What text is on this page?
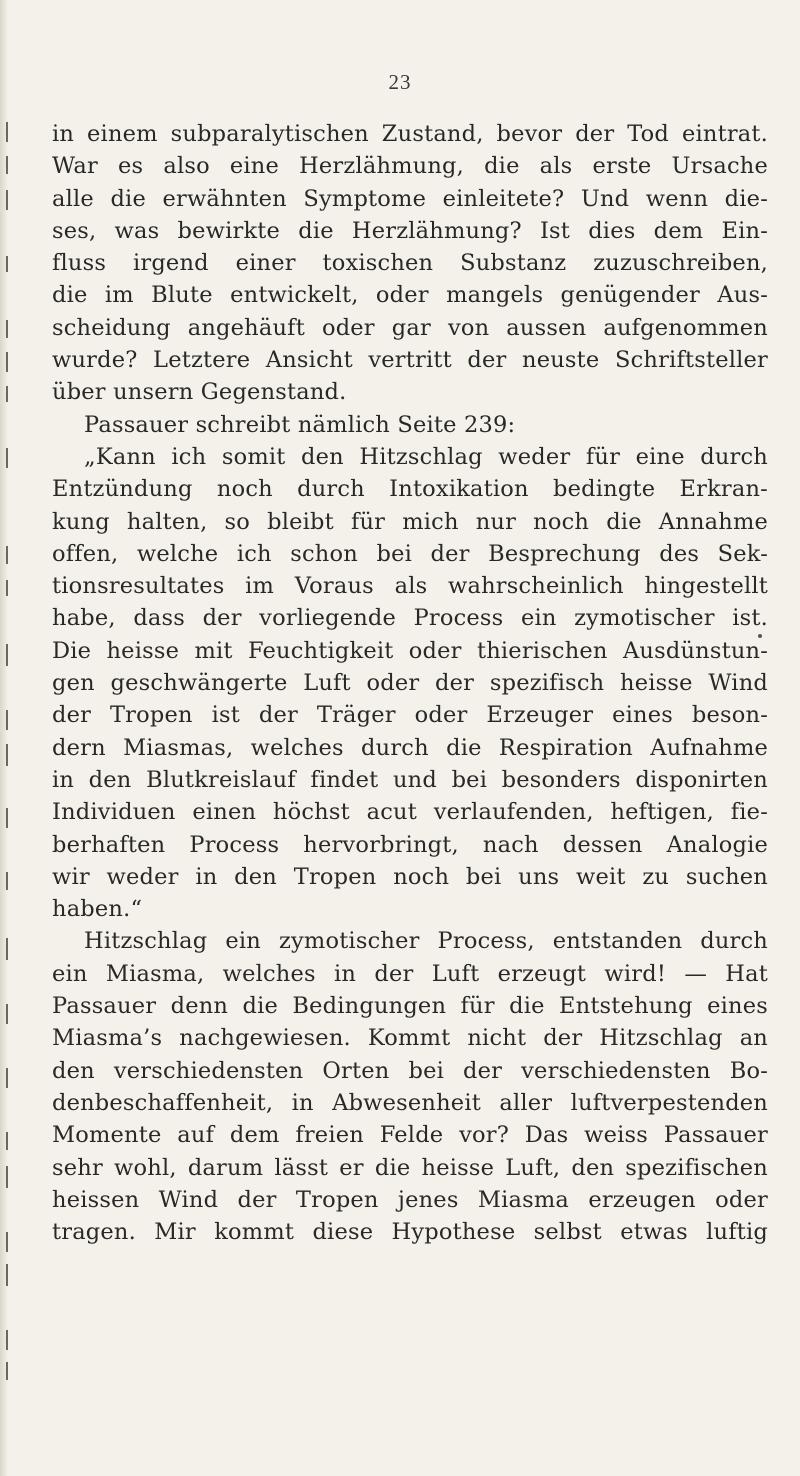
23
in einem subparalytischen Zustand, bevor der Tod eintrat.
War es also eine Herzlähmung, die als erste Ursache
alle die erwähnten Symptome einleitete? Und wenn die-
ses, was bewirkte die Herzlähmung? Ist dies dem Ein-
fluss irgend einer toxischen Substanz zuzuschreiben,
die im Blute entwickelt, oder mangels genügender Aus-
scheidung angehäuft oder gar von aussen aufgenommen
wurde? Letztere Ansicht vertritt der neuste Schriftsteller
über unsern Gegenstand.
Passauer schreibt nämlich Seite 239:
„Kann ich somit den Hitzschlag weder für eine durch
Entzündung noch durch Intoxikation bedingte Erkran-
kung halten, so bleibt für mich nur noch die Annahme
offen, welche ich schon bei der Besprechung des Sek-
tionsresultates im Voraus als wahrscheinlich hingestellt
habe, dass der vorliegende Process ein zymotischer ist.
Die heisse mit Feuchtigkeit oder thierischen Ausdünstun-
gen geschwängerte Luft oder der spezifisch heisse Wind
der Tropen ist der Träger oder Erzeuger eines beson-
dern Miasmas, welches durch die Respiration Aufnahme
in den Blutkreislauf findet und bei besonders disponirten
Individuen einen höchst acut verlaufenden, heftigen, fie-
berhaften Process hervorbringt, nach dessen Analogie
wir weder in den Tropen noch bei uns weit zu suchen
haben.“
Hitzschlag ein zymotischer Process, entstanden durch
ein Miasma, welches in der Luft erzeugt wird! — Hat
Passauer denn die Bedingungen für die Entstehung eines
Miasma’s nachgewiesen. Kommt nicht der Hitzschlag an
den verschiedensten Orten bei der verschiedensten Bo-
denbeschaffenheit, in Abwesenheit aller luftverpestenden
Momente auf dem freien Felde vor? Das weiss Passauer
sehr wohl, darum lässt er die heisse Luft, den spezifischen
heissen Wind der Tropen jenes Miasma erzeugen oder
tragen. Mir kommt diese Hypothese selbst etwas luftig
